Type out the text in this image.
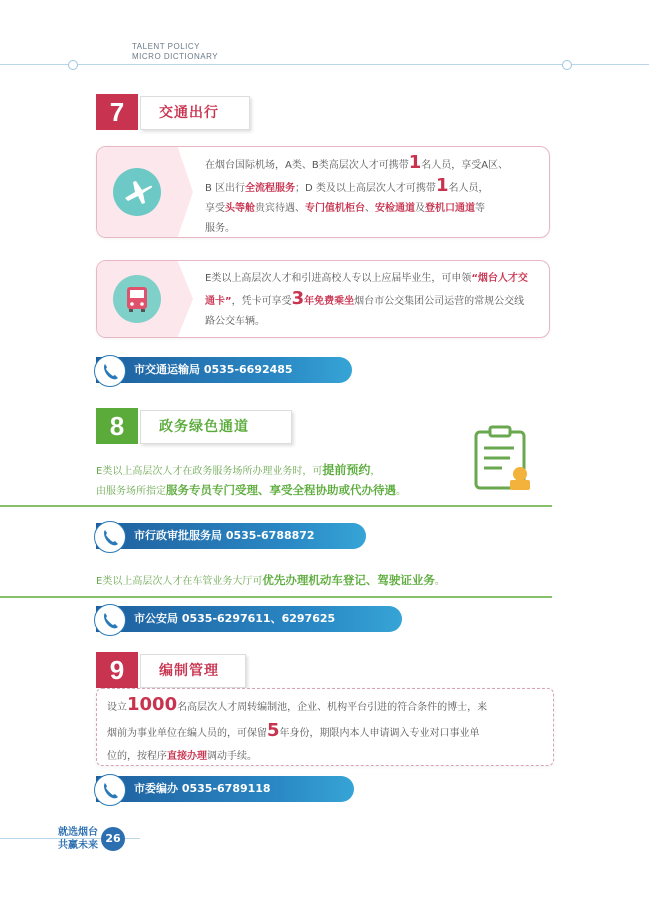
TALENT POLICY
MICRO DICTIONARY
7	交通出行
在烟台国际机场，A类、B类高层次人才可携带1名人员，享受A区、
B 区出行全流程服务；D 类及以上高层次人才可携带1名人员，
享受头等舱贵宾待遇、专门值机柜台、安检通道及登机口通道等
服务。
E类以上高层次人才和引进高校人专以上应届毕业生，可申领“烟台人才交通卡”，凭卡可享受3年免费乘坐烟台市公交集团公司运营的常规公交线路公交车辆。
市交通运输局 0535-6692485
8	政务绿色通道
E类以上高层次人才在政务服务场所办理业务时，可提前预约，
由服务场所指定服务专员专门受理、享受全程协助或代办待遇。
市行政审批服务局 0535-6788872
E类以上高层次人才在车管业务大厅可优先办理机动车登记、驾驶证业务。
市公安局 0535-6297611、6297625
9	编制管理
设立1000名高层次人才周转编制池，企业、机构平台引进的符合条件的博士，来
烟前为事业单位在编人员的，可保留5年身份，期限内本人申请调入专业对口事业单
位的，按程序直接办理调动手续。
市委编办 0535-6789118
就选烟台
共赢未来
26
